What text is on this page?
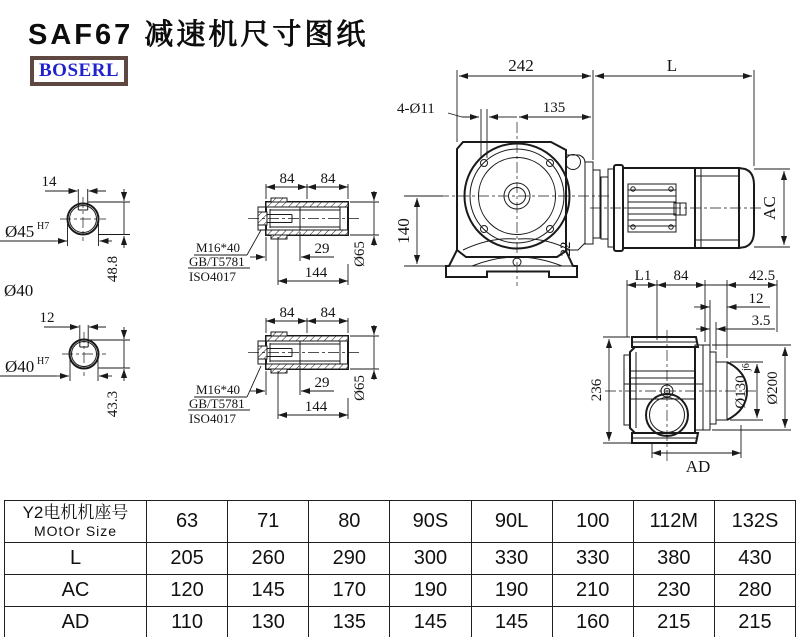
SAF67 减速机尺寸图纸
BOSERL	242	L
4-Ø11	135
22
140
AC
14
Ø45 H7
48.8
Ø40
12
Ø40 H7
43.3
84 84
29
144
Ø65
M16*40
GB/T5781
ISO4017
84 84
29
144
Ø65
M16*40
GB/T5781
ISO4017
L1 84	42.5
12
3.5
236	Ø130
j6
Ø200
AD
Y2电机机座号
MOtOr Size	63	71	80	90S	90L	100	112M	132S
L	205	260	290	300	330	330	380	430
AC	120	145	170	190	190	210	230	280
AD	110	130	135	145	145	160	215	215
